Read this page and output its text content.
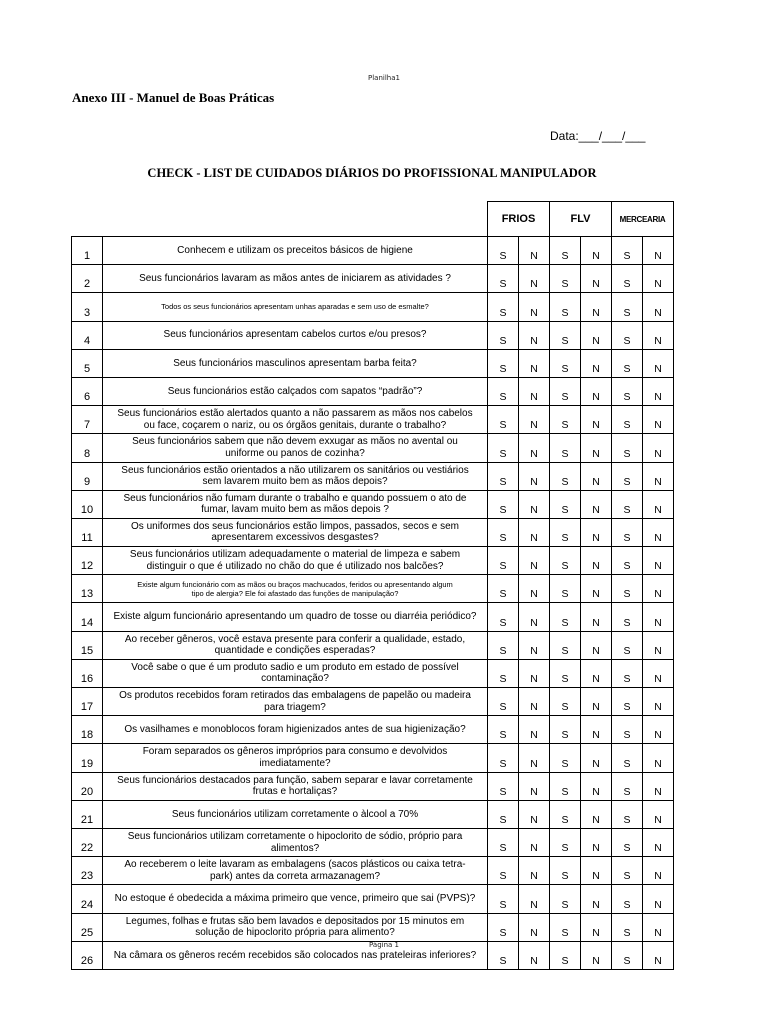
Planilha1
Anexo III - Manuel de Boas Práticas
Data:___/___/___
CHECK - LIST DE CUIDADOS DIÁRIOS DO PROFISSIONAL MANIPULADOR
		FRIOS		FLV		MERCEARIA	
1	Conhecem e utilizam os preceitos básicos de higiene	S	N	S	N	S	N
2	Seus funcionários lavaram as mãos antes de iniciarem as atividades ?	S	N	S	N	S	N
3	Todos os seus funcionários apresentam unhas aparadas e sem uso de esmalte?	S	N	S	N	S	N
4	Seus funcionários apresentam cabelos curtos e/ou presos?	S	N	S	N	S	N
5	Seus funcionários masculinos apresentam barba feita?	S	N	S	N	S	N
6	Seus funcionários estão calçados com sapatos “padrão”?	S	N	S	N	S	N
7	Seus funcionários estão alertados quanto a não passarem as mãos nos cabelos
ou face, coçarem o nariz, ou os órgãos genitais, durante o trabalho?	S	N	S	N	S	N
8	Seus funcionários sabem que não devem exxugar as mãos no avental ou
uniforme ou panos de cozinha?	S	N	S	N	S	N
9	Seus funcionários estão orientados a não utilizarem os sanitários ou vestiários
sem lavarem muito bem as mãos depois?	S	N	S	N	S	N
10	Seus funcionários não fumam durante o trabalho e quando possuem o ato de
fumar, lavam muito bem as mãos depois ?	S	N	S	N	S	N
11	Os uniformes dos seus funcionários estão limpos, passados, secos e sem
apresentarem excessivos desgastes?	S	N	S	N	S	N
12	Seus funcionários utilizam adequadamente o material de limpeza e sabem
distinguir o que é utilizado no chão do que é utilizado nos balcões?	S	N	S	N	S	N
13	Existe algum funcionário com as mãos ou braços machucados, feridos ou apresentando algum
tipo de alergia? Ele foi afastado das funções de manipulação?	S	N	S	N	S	N
14	Existe algum funcionário apresentando um quadro de tosse ou diarréia periódico?	S	N	S	N	S	N
15	Ao receber gêneros, você estava presente para conferir a qualidade, estado,
quantidade e condições esperadas?	S	N	S	N	S	N
16	Você sabe o que é um produto sadio e um produto em estado de possível
contaminação?	S	N	S	N	S	N
17	Os produtos recebidos foram retirados das embalagens de papelão ou madeira
para triagem?	S	N	S	N	S	N
18	Os vasilhames e monoblocos foram higienizados antes de sua higienização?	S	N	S	N	S	N
19	Foram separados os gêneros impróprios para consumo e devolvidos
imediatamente?	S	N	S	N	S	N
20	Seus funcionários destacados para função, sabem separar e lavar corretamente
frutas e hortaliças?	S	N	S	N	S	N
21	Seus funcionários utilizam corretamente o àlcool a 70%	S	N	S	N	S	N
22	Seus funcionários utilizam corretamente o hipoclorito de sódio, próprio para
alimentos?	S	N	S	N	S	N
23	Ao receberem o leite lavaram as embalagens (sacos plásticos ou caixa tetra-
park) antes da correta armazanagem?	S	N	S	N	S	N
24	No estoque é obedecida a máxima primeiro que vence, primeiro que sai (PVPS)?	S	N	S	N	S	N
25	Legumes, folhas e frutas são bem lavados e depositados por 15 minutos em
solução de hipoclorito própria para alimento?	S	N	S	N	S	N
26	Na câmara os gêneros recém recebidos são colocados nas prateleiras inferiores?	S	N	S	N	S	N
Página 1
